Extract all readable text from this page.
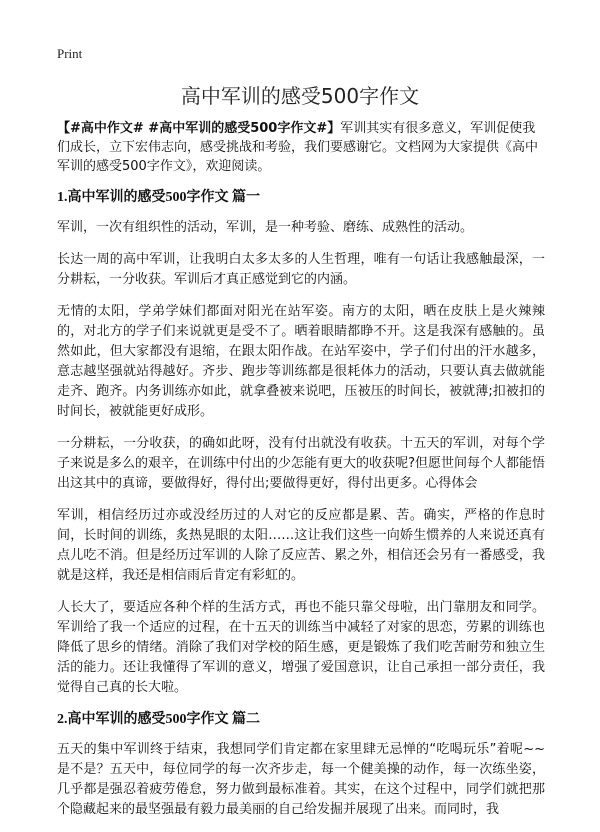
Print
高中军训的感受500字作文

【#高中作文# #高中军训的感受500字作文#】军训其实有很多意义，军训促使我们成长，立下宏伟志向，感受挑战和考验，我们要感谢它。文档网为大家提供《高中军训的感受500字作文》，欢迎阅读。

1.高中军训的感受500字作文 篇一

军训，一次有组织性的活动，军训，是一种考验、磨练、成熟性的活动。

长达一周的高中军训，让我明白太多太多的人生哲理，唯有一句话让我感触最深，一分耕耘，一分收获。军训后才真正感觉到它的内涵。

无情的太阳，学弟学妹们都面对阳光在站军姿。南方的太阳，晒在皮肤上是火辣辣的，对北方的学子们来说就更是受不了。晒着眼睛都睁不开。这是我深有感触的。虽然如此，但大家都没有退缩，在跟太阳作战。在站军姿中，学子们付出的汗水越多，意志越坚强就站得越好。齐步、跑步等训练都是很耗体力的活动，只要认真去做就能走齐、跑齐。内务训练亦如此，就拿叠被来说吧，压被压的时间长，被就薄;扣被扣的时间长，被就能更好成形。

一分耕耘，一分收获，的确如此呀，没有付出就没有收获。十五天的军训，对每个学子来说是多么的艰辛，在训练中付出的少怎能有更大的收获呢?但愿世间每个人都能悟出这其中的真谛，要做得好，得付出;要做得更好，得付出更多。心得体会

军训，相信经历过亦或没经历过的人对它的反应都是累、苦。确实，严格的作息时间，长时间的训练，炙热晃眼的太阳……这让我们这些一向娇生惯养的人来说还真有点儿吃不消。但是经历过军训的人除了反应苦、累之外，相信还会另有一番感受，我就是这样，我还是相信雨后肯定有彩虹的。

人长大了，要适应各种个样的生活方式，再也不能只靠父母啦，出门靠朋友和同学。军训给了我一个适应的过程，在十五天的训练当中减轻了对家的思恋，劳累的训练也降低了思乡的情绪。消除了我们对学校的陌生感，更是锻炼了我们吃苦耐劳和独立生活的能力。还让我懂得了军训的意义，增强了爱国意识，让自己承担一部分责任，我觉得自己真的长大啦。

2.高中军训的感受500字作文 篇二

五天的集中军训终于结束，我想同学们肯定都在家里肆无忌惮的“吃喝玩乐”着呢~~是不是？五天中，每位同学的每一次齐步走，每一个健美操的动作，每一次练坐姿，几乎都是强忍着疲劳倦怠，努力做到最标准着。其实，在这个过程中，同学们就把那个隐藏起来的最坚强最有毅力最美丽的自己给发掘并展现了出来。而同时，我
